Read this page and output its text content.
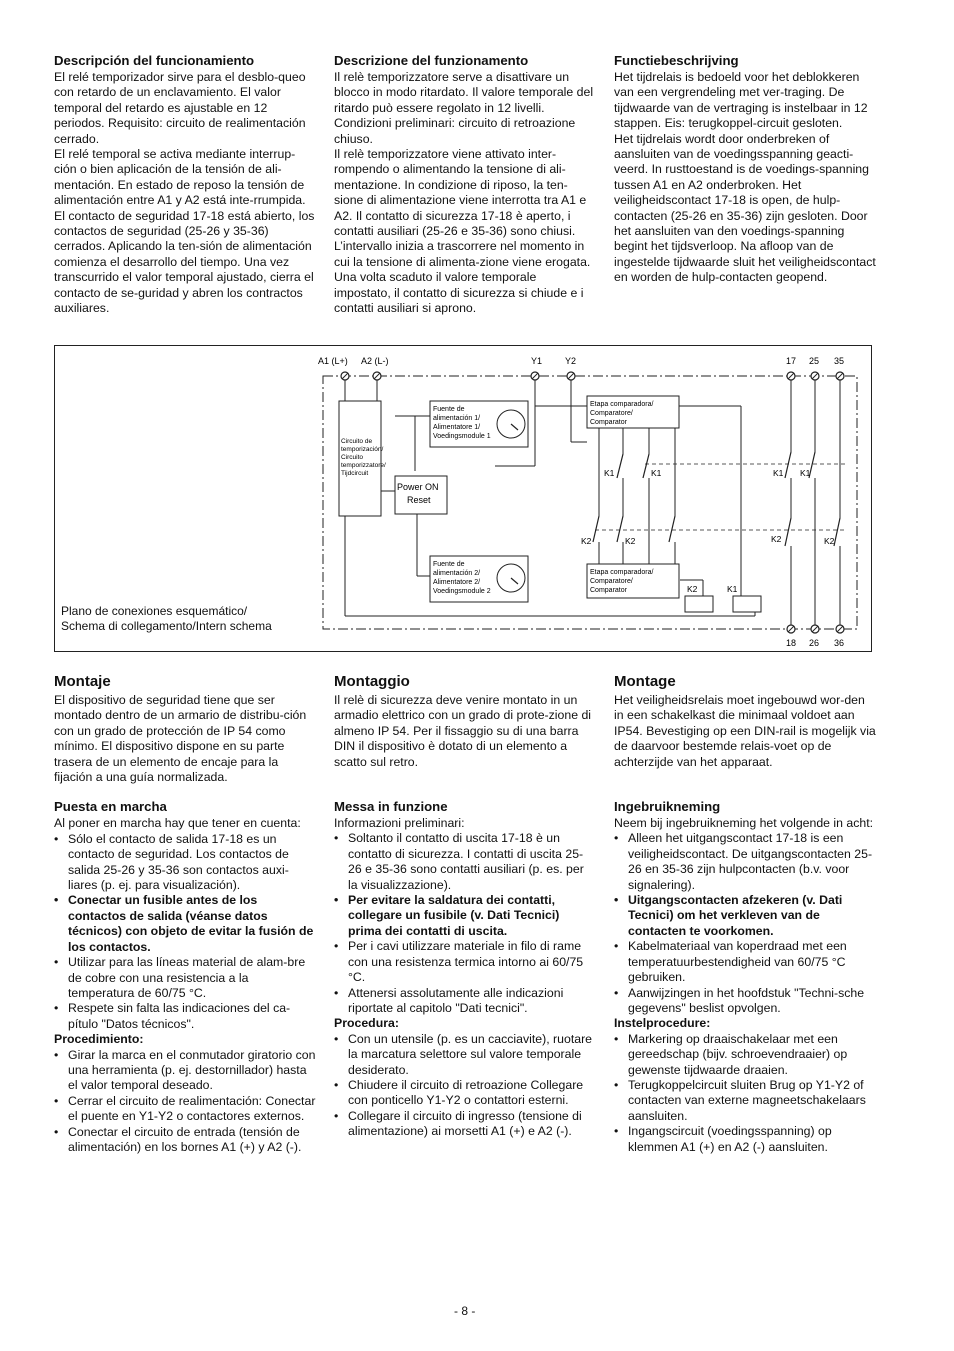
Descripción del funcionamiento

El relé temporizador sirve para el desblo-queo con retardo de un enclavamiento. El valor temporal del retardo es ajustable en 12 periodos. Requisito: circuito de realimentación cerrado.

El relé temporal se activa mediante interrup-ción o bien aplicación de la tensión de ali-mentación. En estado de reposo la tensión de alimentación entre A1 y A2 está inte-rrumpida. El contacto de seguridad 17-18 está abierto, los contactos de seguridad (25-26 y 35-36) cerrados. Aplicando la ten-sión de alimentación comienza el desarrollo del tiempo. Una vez transcurrido el valor temporal ajustado, cierra el contacto de se-guridad y abren los contractos auxiliares.

Descrizione del funzionamento

Il relè temporizzatore serve a disattivare un blocco in modo ritardato. Il valore temporale del ritardo può essere regolato in 12 livelli. Condizioni preliminari: circuito di retroazione chiuso.

Il relè temporizzatore viene attivato inter-rompendo o alimentando la tensione di ali-mentazione. In condizione di riposo, la ten-sione di alimentazione viene interrotta tra A1 e A2. Il contatto di sicurezza 17-18 è aperto, i contatti ausiliari (25-26 e 35-36) sono chiusi. L’intervallo inizia a trascorrere nel momento in cui la tensione di alimenta-zione viene erogata. Una volta scaduto il valore temporale impostato, il contatto di sicurezza si chiude e i contatti ausiliari si aprono.

Functiebeschrijving

Het tijdrelais is bedoeld voor het deblokkeren van een vergrendeling met ver-traging. De tijdwaarde van de vertraging is instelbaar in 12 stappen. Eis: terugkoppel-circuit gesloten.

Het tijdrelais wordt door onderbreken of aansluiten van de voedingsspanning geacti-veerd. In rusttoestand is de voedings-spanning tussen A1 en A2 onderbroken. Het veiligheidscontact 17-18 is open, de hulp-contacten (25-26 en 35-36) zijn gesloten. Door het aansluiten van den voedings-spanning begint het tijdsverloop. Na afloop van de ingestelde tijdwaarde sluit het veiligheidscontact en worden de hulp-contacten geopend.

A1 (L+) A2 (L-)	Y1	Y2	17 25 35
18 26 36
Circuito de
temporización/
Circuito
temporizzatore/
Tijdcircuit
Power ON
Reset
Fuente de
alimentación 1/
Alimentatore 1/
Voedingsmodule 1
Fuente de
alimentación 2/
Alimentatore 2/
Voedingsmodule 2
Etapa comparadora/
Comparatore/
Comparator
Etapa comparadora/
Comparatore/
Comparator	K2	K1
K1	K1	K1 K1
K2	K2	K2	K2
Plano de conexiones esquemático/
Schema di collegamento/Intern schema
Montaje

El dispositivo de seguridad tiene que ser montado dentro de un armario de distribu-ción con un grado de protección de IP 54 como mínimo. El dispositivo dispone en su parte trasera de un elemento de encaje para la fijación a una guía normalizada.

Puesta en marcha

Al poner en marcha hay que tener en cuenta:

• Sólo el contacto de salida 17-18 es un contacto de seguridad. Los contactos de salida 25-26 y 35-36 son contactos auxi-liares (p. ej. para visualización).
• Conectar un fusible antes de los contactos de salida (véanse datos técnicos) con objeto de evitar la fusión de los contactos.
• Utilizar para las líneas material de alam-bre de cobre con una resistencia a la temperatura de 60/75 °C.
• Respete sin falta las indicaciones del ca-pítulo "Datos técnicos".

Procedimiento:

• Girar la marca en el conmutador giratorio con una herramienta (p. ej. destornillador) hasta el valor temporal deseado.
• Cerrar el circuito de realimentación: Conectar el puente en Y1-Y2 o contactores externos.
• Conectar el circuito de entrada (tensión de alimentación) en los bornes A1 (+) y A2 (-).
Montaggio

Il relè di sicurezza deve venire montato in un armadio elettrico con un grado di prote-zione di almeno IP 54. Per il fissaggio su di una barra DIN il dispositivo è dotato di un elemento a scatto sul retro.

Messa in funzione

Informazioni preliminari:

• Soltanto il contatto di uscita 17-18 è un contatto di sicurezza. I contatti di uscita 25-26 e 35-36 sono contatti ausiliari (p. es. per la visualizzazione).
• Per evitare la saldatura dei contatti, collegare un fusibile (v. Dati Tecnici) prima dei contatti di uscita.
• Per i cavi utilizzare materiale in filo di rame con una resistenza termica intorno ai 60/75 °C.
• Attenersi assolutamente alle indicazioni riportate al capitolo "Dati tecnici".

Procedura:

• Con un utensile (p. es un cacciavite), ruotare la marcatura selettore sul valore temporale desiderato.
• Chiudere il circuito di retroazione Collegare con ponticello Y1-Y2 o contattori esterni.
• Collegare il circuito di ingresso (tensione di alimentazione) ai morsetti A1 (+) e A2 (-).
Montage

Het veiligheidsrelais moet ingebouwd wor-den in een schakelkast die minimaal voldoet aan IP54. Bevestiging op een DIN-rail is mogelijk via de daarvoor bestemde relais-voet op de achterzijde van het apparaat.

Ingebruikneming

Neem bij ingebruikneming het volgende in acht:

• Alleen het uitgangscontact 17-18 is een veiligheidscontact. De uitgangscontacten 25-26 en 35-36 zijn hulpcontacten (b.v. voor signalering).
• Uitgangscontacten afzekeren (v. Dati Tecnici) om het verkleven van de contacten te voorkomen.
• Kabelmateriaal van koperdraad met een temperatuurbestendigheid van 60/75 °C gebruiken.
• Aanwijzingen in het hoofdstuk "Techni-sche gegevens" beslist opvolgen.

Instelprocedure:

• Markering op draaischakelaar met een gereedschap (bijv. schroevendraaier) op gewenste tijdwaarde draaien.
• Terugkoppelcircuit sluiten Brug op Y1-Y2 of contacten van externe magneetschakelaars aansluiten.
• Ingangscircuit (voedingsspanning) op klemmen A1 (+) en A2 (-) aansluiten.
- 8 -
